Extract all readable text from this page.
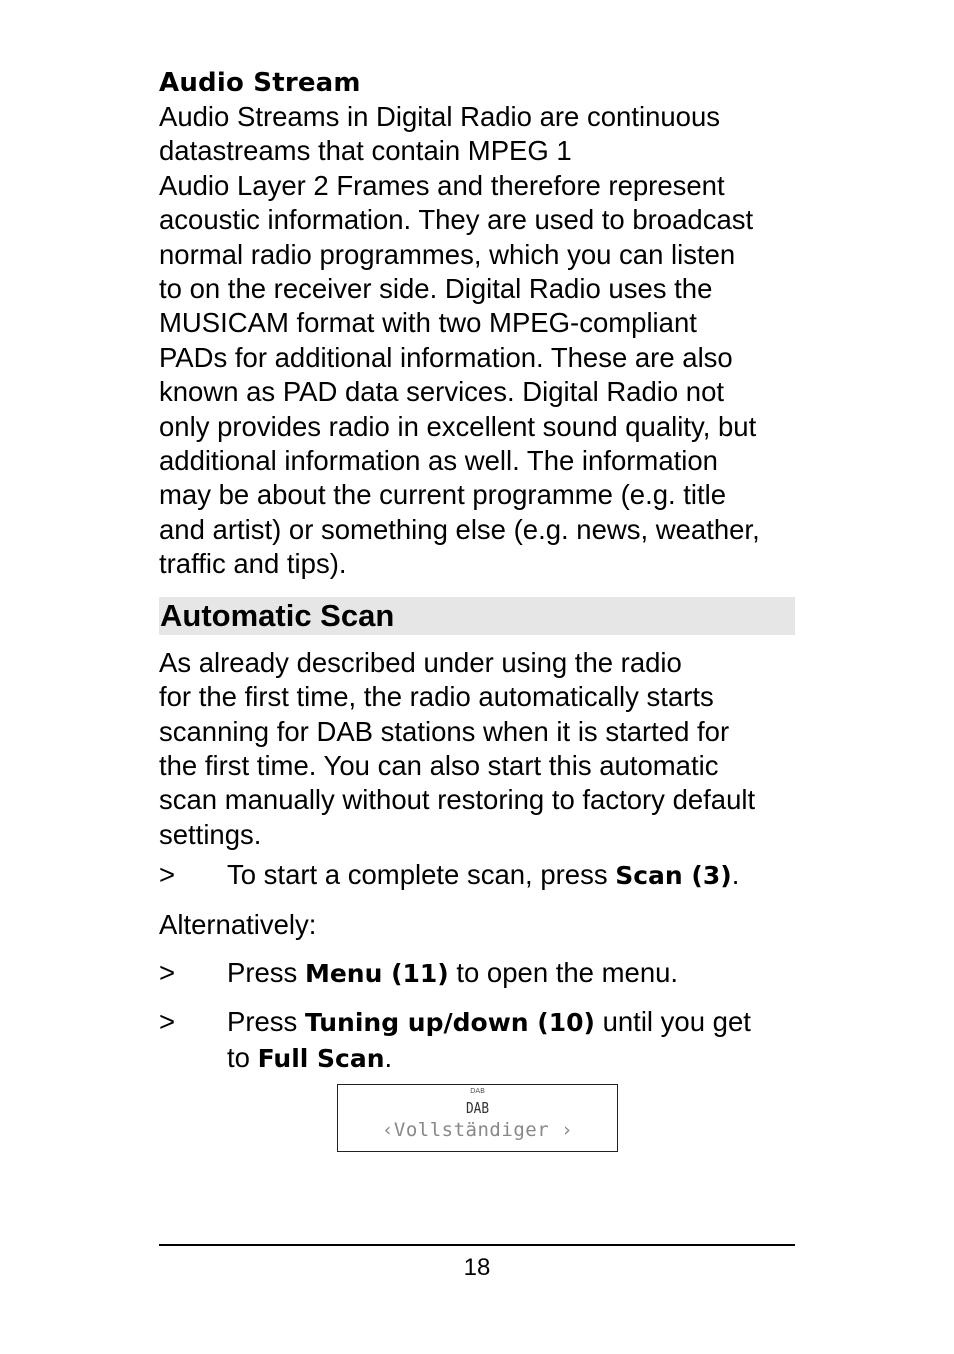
Audio Stream
Audio Streams in Digital Radio are continuous
datastreams that contain MPEG 1
Audio Layer 2 Frames and therefore represent
acoustic information. They are used to broadcast
normal radio programmes, which you can listen
to on the receiver side. Digital Radio uses the
MUSICAM format with two MPEG-compliant
PADs for additional information. These are also
known as PAD data services. Digital Radio not
only provides radio in excellent sound quality, but
additional information as well. The information
may be about the current programme (e.g. title
and artist) or something else (e.g. news, weather,
traffic and tips).
Automatic Scan
As already described under using the radio
for the first time, the radio automatically starts
scanning for DAB stations when it is started for
the first time. You can also start this automatic
scan manually without restoring to factory default
settings.
>	To start a complete scan, press Scan (3).
Alternatively:
>	Press Menu (11) to open the menu.
>	Press Tuning up/down (10) until you get
to Full Scan.
DAB
DAB
‹Vollständiger ›
18
